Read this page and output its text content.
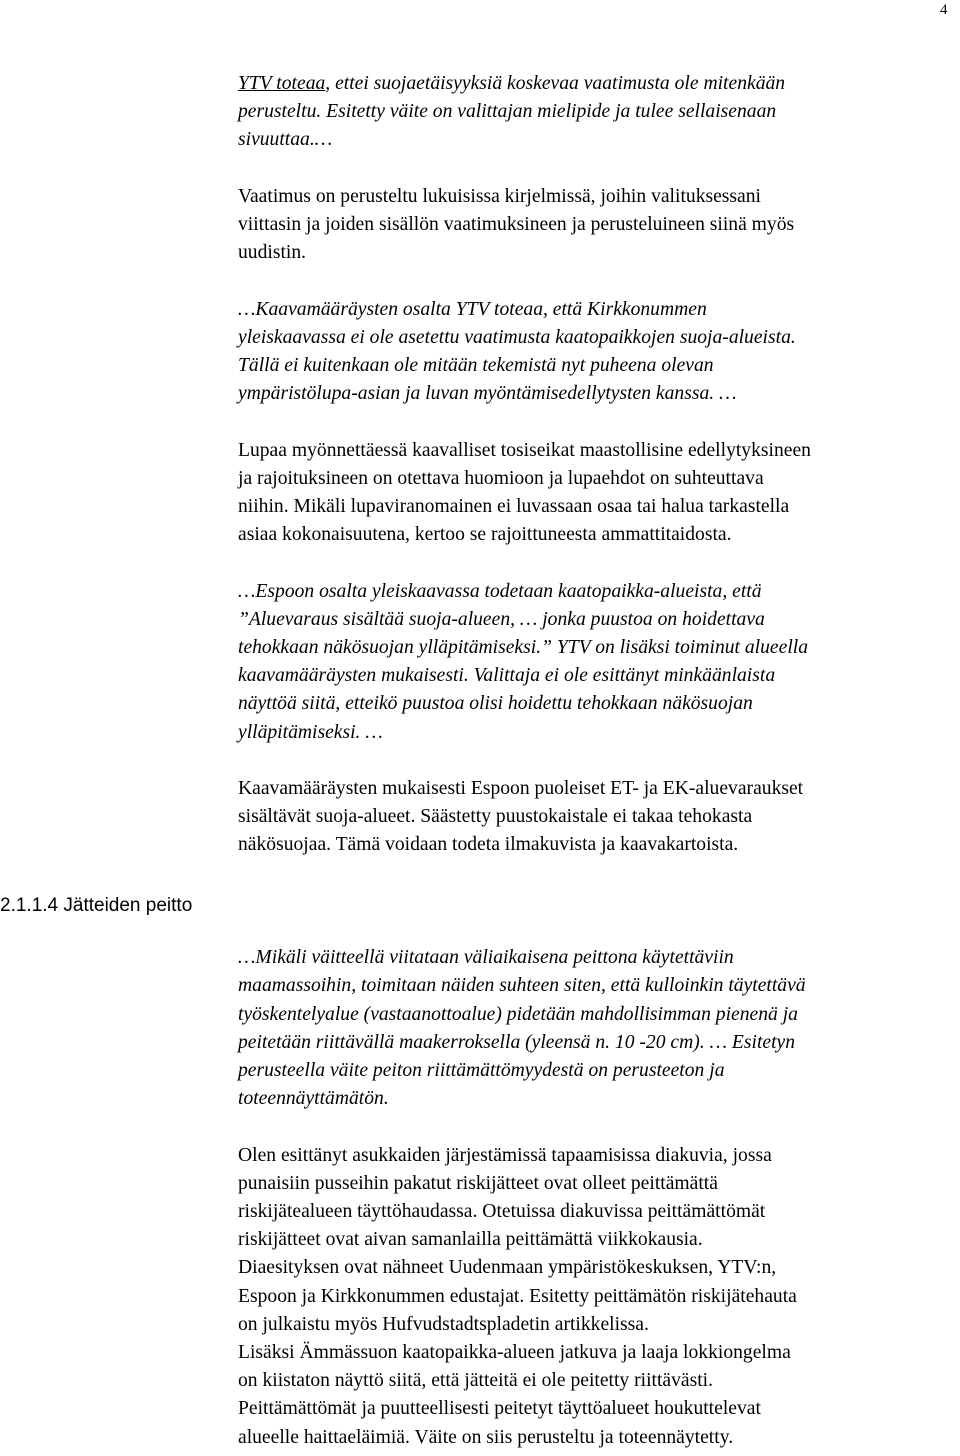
4
2.1.1.4 Jätteiden peitto

YTV toteaa, ettei suojaetäisyyksiä koskevaa vaatimusta ole mitenkään
perusteltu. Esitetty väite on valittajan mielipide ja tulee sellaisenaan
sivuuttaa.…

Vaatimus on perusteltu lukuisissa kirjelmissä, joihin valituksessani
viittasin ja joiden sisällön vaatimuksineen ja perusteluineen siinä myös
uudistin.

…Kaavamääräysten osalta YTV toteaa, että Kirkkonummen
yleiskaavassa ei ole asetettu vaatimusta kaatopaikkojen suoja-alueista.
Tällä ei kuitenkaan ole mitään tekemistä nyt puheena olevan
ympäristölupa-asian ja luvan myöntämisedellytysten kanssa. …

Lupaa myönnettäessä kaavalliset tosiseikat maastollisine edellytyksineen
ja rajoituksineen on otettava huomioon ja lupaehdot on suhteuttava
niihin. Mikäli lupaviranomainen ei luvassaan osaa tai halua tarkastella
asiaa kokonaisuutena, kertoo se rajoittuneesta ammattitaidosta.

…Espoon osalta yleiskaavassa todetaan kaatopaikka-alueista, että
”Aluevaraus sisältää suoja-alueen, … jonka puustoa on hoidettava
tehokkaan näkösuojan ylläpitämiseksi.” YTV on lisäksi toiminut alueella
kaavamääräysten mukaisesti. Valittaja ei ole esittänyt minkäänlaista
näyttöä siitä, etteikö puustoa olisi hoidettu tehokkaan näkösuojan
ylläpitämiseksi. …

Kaavamääräysten mukaisesti Espoon puoleiset ET- ja EK-aluevaraukset
sisältävät suoja-alueet. Säästetty puustokaistale ei takaa tehokasta
näkösuojaa. Tämä voidaan todeta ilmakuvista ja kaavakartoista.

…Mikäli väitteellä viitataan väliaikaisena peittona käytettäviin
maamassoihin, toimitaan näiden suhteen siten, että kulloinkin täytettävä
työskentelyalue (vastaanottoalue) pidetään mahdollisimman pienenä ja
peitetään riittävällä maakerroksella (yleensä n. 10 -20 cm). … Esitetyn
perusteella väite peiton riittämättömyydestä on perusteeton ja
toteennäyttämätön.

Olen esittänyt asukkaiden järjestämissä tapaamisissa diakuvia, jossa
punaisiin pusseihin pakatut riskijätteet ovat olleet peittämättä
riskijätealueen täyttöhaudassa. Otetuissa diakuvissa peittämättömät
riskijätteet ovat aivan samanlailla peittämättä viikkokausia.
Diaesityksen ovat nähneet Uudenmaan ympäristökeskuksen, YTV:n,
Espoon ja Kirkkonummen edustajat. Esitetty peittämätön riskijätehauta
on julkaistu myös Hufvudstadtspladetin artikkelissa.
Lisäksi Ämmässuon kaatopaikka-alueen jatkuva ja laaja lokkiongelma
on kiistaton näyttö siitä, että jätteitä ei ole peitetty riittävästi.
Peittämättömät ja puutteellisesti peitetyt täyttöalueet houkuttelevat
alueelle haittaeläimiä. Väite on siis perusteltu ja toteennäytetty.
